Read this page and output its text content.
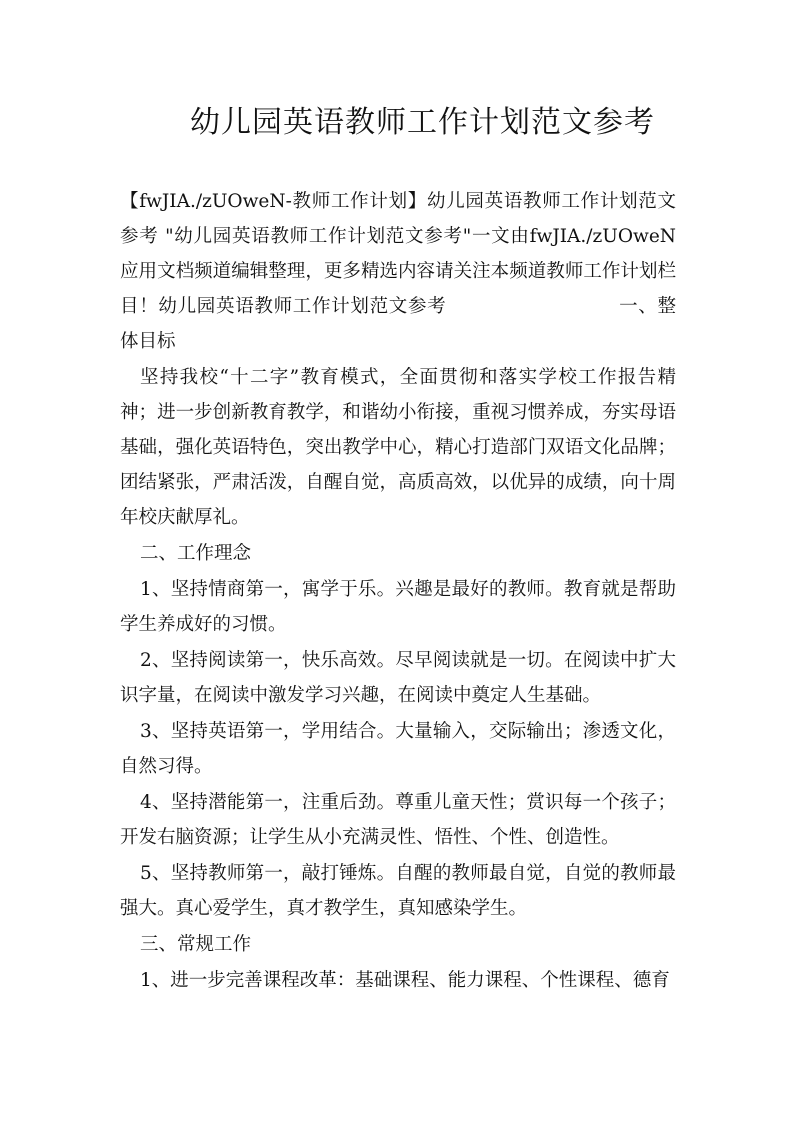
幼儿园英语教师工作计划范文参考

【fwJIA./zUOweN-教师工作计划】幼儿园英语教师工作计划范文参考 "幼儿园英语教师工作计划范文参考"一文由fwJIA./zUOweN应用文档频道编辑整理，更多精选内容请关注本频道教师工作计划栏目！幼儿园英语教师工作计划范文参考	一、整体目标

坚持我校“十二字”教育模式，全面贯彻和落实学校工作报告精神；进一步创新教育教学，和谐幼小衔接，重视习惯养成，夯实母语基础，强化英语特色，突出教学中心，精心打造部门双语文化品牌；团结紧张，严肃活泼，自醒自觉，高质高效，以优异的成绩，向十周年校庆献厚礼。

二、工作理念

1、坚持情商第一，寓学于乐。兴趣是最好的教师。教育就是帮助学生养成好的习惯。

2、坚持阅读第一，快乐高效。尽早阅读就是一切。在阅读中扩大识字量，在阅读中激发学习兴趣，在阅读中奠定人生基础。

3、坚持英语第一，学用结合。大量输入，交际输出；渗透文化，自然习得。

4、坚持潜能第一，注重后劲。尊重儿童天性；赏识每一个孩子；开发右脑资源；让学生从小充满灵性、悟性、个性、创造性。

5、坚持教师第一，敲打锤炼。自醒的教师最自觉，自觉的教师最强大。真心爱学生，真才教学生，真知感染学生。

三、常规工作

1、进一步完善课程改革：基础课程、能力课程、个性课程、德育
